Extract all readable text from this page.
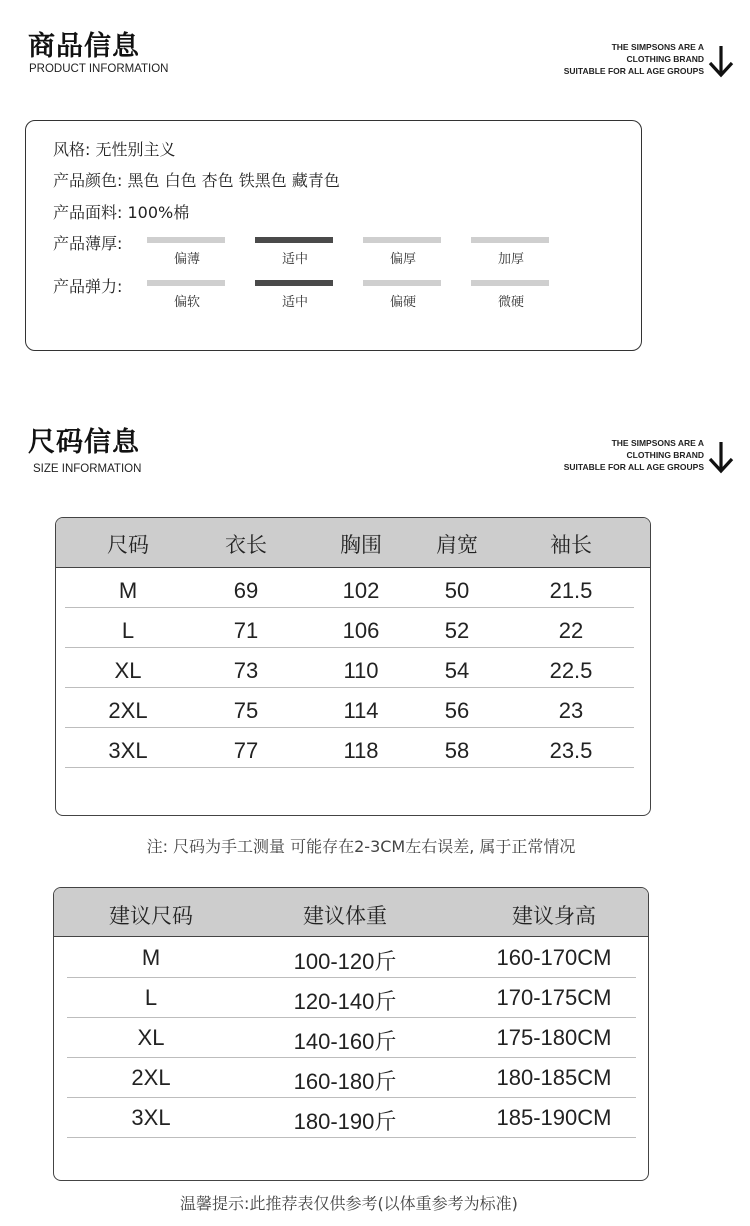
商品信息
PRODUCT INFORMATION
THE SIMPSONS ARE A
CLOTHING BRAND
SUITABLE FOR ALL AGE GROUPS
风格: 无性别主义
产品颜色: 黑色 白色 杏色 铁黑色 藏青色
产品面料: 100%棉
产品薄厚:
偏薄	适中	偏厚	加厚
产品弹力:
偏软	适中	偏硬	微硬
尺码信息
SIZE INFORMATION
THE SIMPSONS ARE A
CLOTHING BRAND
SUITABLE FOR ALL AGE GROUPS
尺码	衣长	胸围	肩宽	袖长
M	69	102	50	21.5
L	71	106	52	22
XL	73	110	54	22.5
2XL	75	114	56	23
3XL	77	118	58	23.5
注: 尺码为手工测量 可能存在2-3CM左右误差, 属于正常情况
建议尺码	建议体重	建议身高
M	100-120斤	160-170CM
L	120-140斤	170-175CM
XL	140-160斤	175-180CM
2XL	160-180斤	180-185CM
3XL	180-190斤	185-190CM
温馨提示:此推荐表仅供参考(以体重参考为标准)
